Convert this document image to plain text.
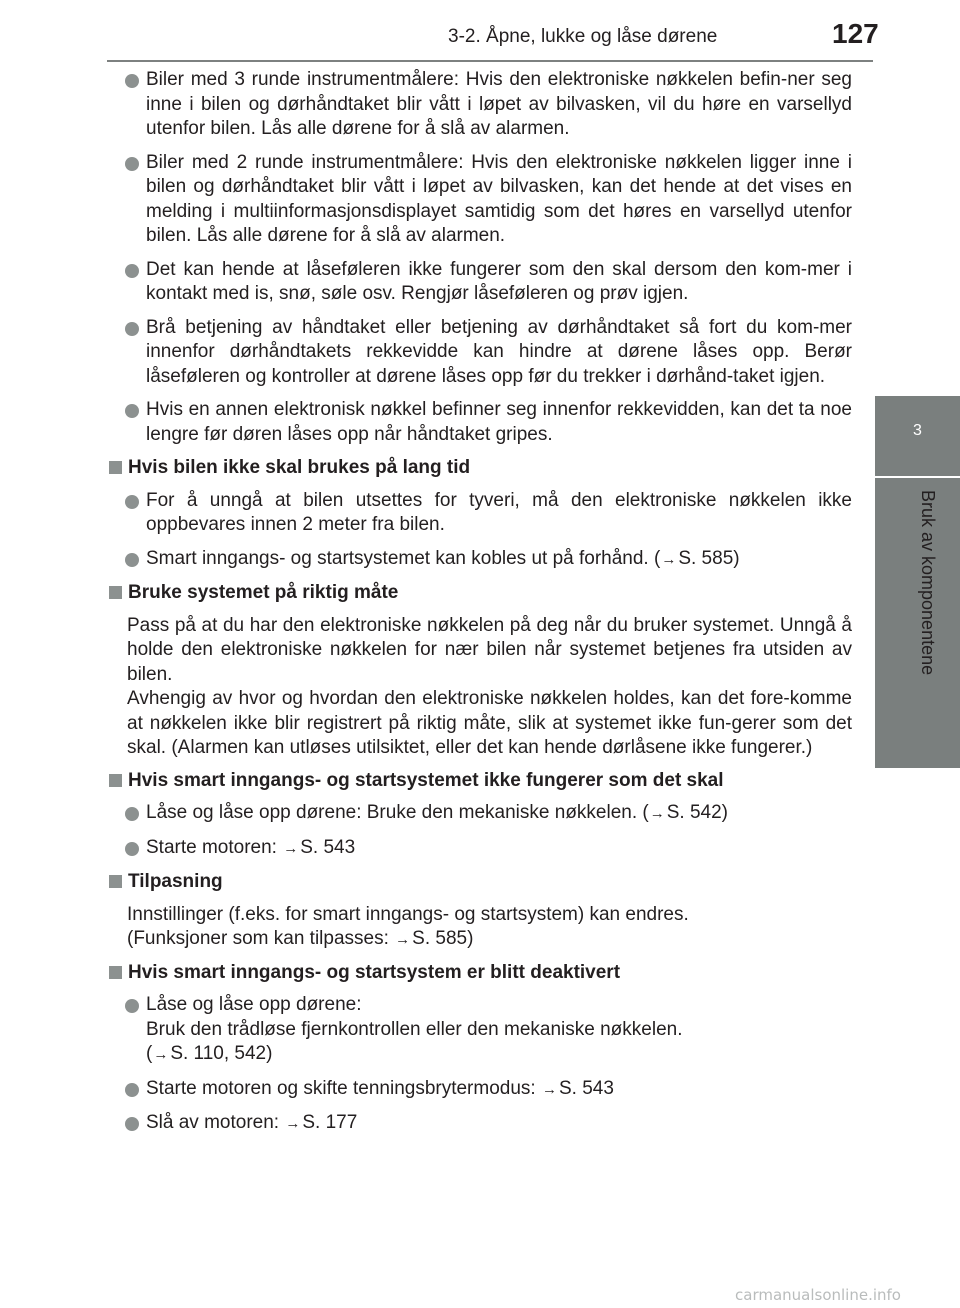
3-2. Åpne, lukke og låse dørene	127
3
Bruk av komponentene
Biler med 3 runde instrumentmålere: Hvis den elektroniske nøkkelen befin-ner seg inne i bilen og dørhåndtaket blir vått i løpet av bilvasken, vil du høre en varsellyd utenfor bilen. Lås alle dørene for å slå av alarmen.
Biler med 2 runde instrumentmålere: Hvis den elektroniske nøkkelen ligger inne i bilen og dørhåndtaket blir vått i løpet av bilvasken, kan det hende at det vises en melding i multiinformasjonsdisplayet samtidig som det høres en varsellyd utenfor bilen. Lås alle dørene for å slå av alarmen.
Det kan hende at låseføleren ikke fungerer som den skal dersom den kom-mer i kontakt med is, snø, søle osv. Rengjør låseføleren og prøv igjen.
Brå betjening av håndtaket eller betjening av dørhåndtaket så fort du kom-mer innenfor dørhåndtakets rekkevidde kan hindre at dørene låses opp. Berør låseføleren og kontroller at dørene låses opp før du trekker i dørhånd-taket igjen.
Hvis en annen elektronisk nøkkel befinner seg innenfor rekkevidden, kan det ta noe lengre før døren låses opp når håndtaket gripes.
Hvis bilen ikke skal brukes på lang tid
For å unngå at bilen utsettes for tyveri, må den elektroniske nøkkelen ikke oppbevares innen 2 meter fra bilen.
Smart inngangs- og startsystemet kan kobles ut på forhånd. (→ S. 585)
Bruke systemet på riktig måte
Pass på at du har den elektroniske nøkkelen på deg når du bruker systemet. Unngå å holde den elektroniske nøkkelen for nær bilen når systemet betjenes fra utsiden av bilen.
Avhengig av hvor og hvordan den elektroniske nøkkelen holdes, kan det fore-komme at nøkkelen ikke blir registrert på riktig måte, slik at systemet ikke fun-gerer som det skal. (Alarmen kan utløses utilsiktet, eller det kan hende dørlåsene ikke fungerer.)
Hvis smart inngangs- og startsystemet ikke fungerer som det skal
Låse og låse opp dørene: Bruke den mekaniske nøkkelen. (→ S. 542)
Starte motoren: → S. 543
Tilpasning
Innstillinger (f.eks. for smart inngangs- og startsystem) kan endres.
(Funksjoner som kan tilpasses: → S. 585)
Hvis smart inngangs- og startsystem er blitt deaktivert
Låse og låse opp dørene:
Bruk den trådløse fjernkontrollen eller den mekaniske nøkkelen.
(→ S. 110, 542)
Starte motoren og skifte tenningsbrytermodus: → S. 543
Slå av motoren: → S. 177
carmanualsonline.info
